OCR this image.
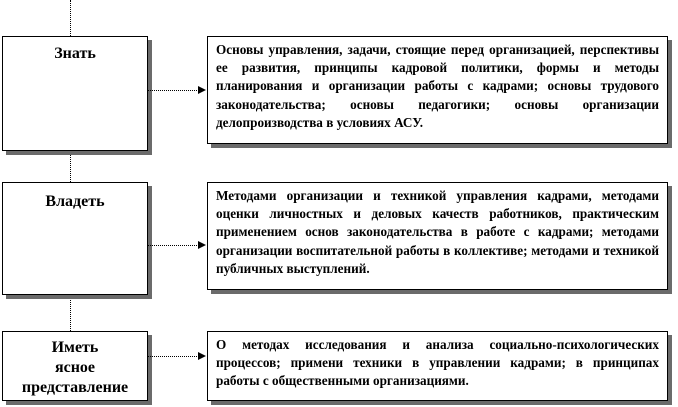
Знать	Основы управления, задачи, стоящие перед организацией, перспективы ее развития, принципы кадровой политики, формы и методы планирования и организации работы с кадрами; основы трудового законодательства; основы педагогики; основы организации делопроизводства в условиях АСУ.
Владеть	Методами организации и техникой управления кадрами, методами оценки личностных и деловых качеств работников, практическим применением основ законодательства в работе с кадрами; методами организации воспитательной работы в коллективе; методами и техникой публичных выступлений.
Иметь
ясное
представление
О методах исследования и анализа социально-психологических процессов; примени техники в управлении кадрами; в принципах работы с общественными организациями.
